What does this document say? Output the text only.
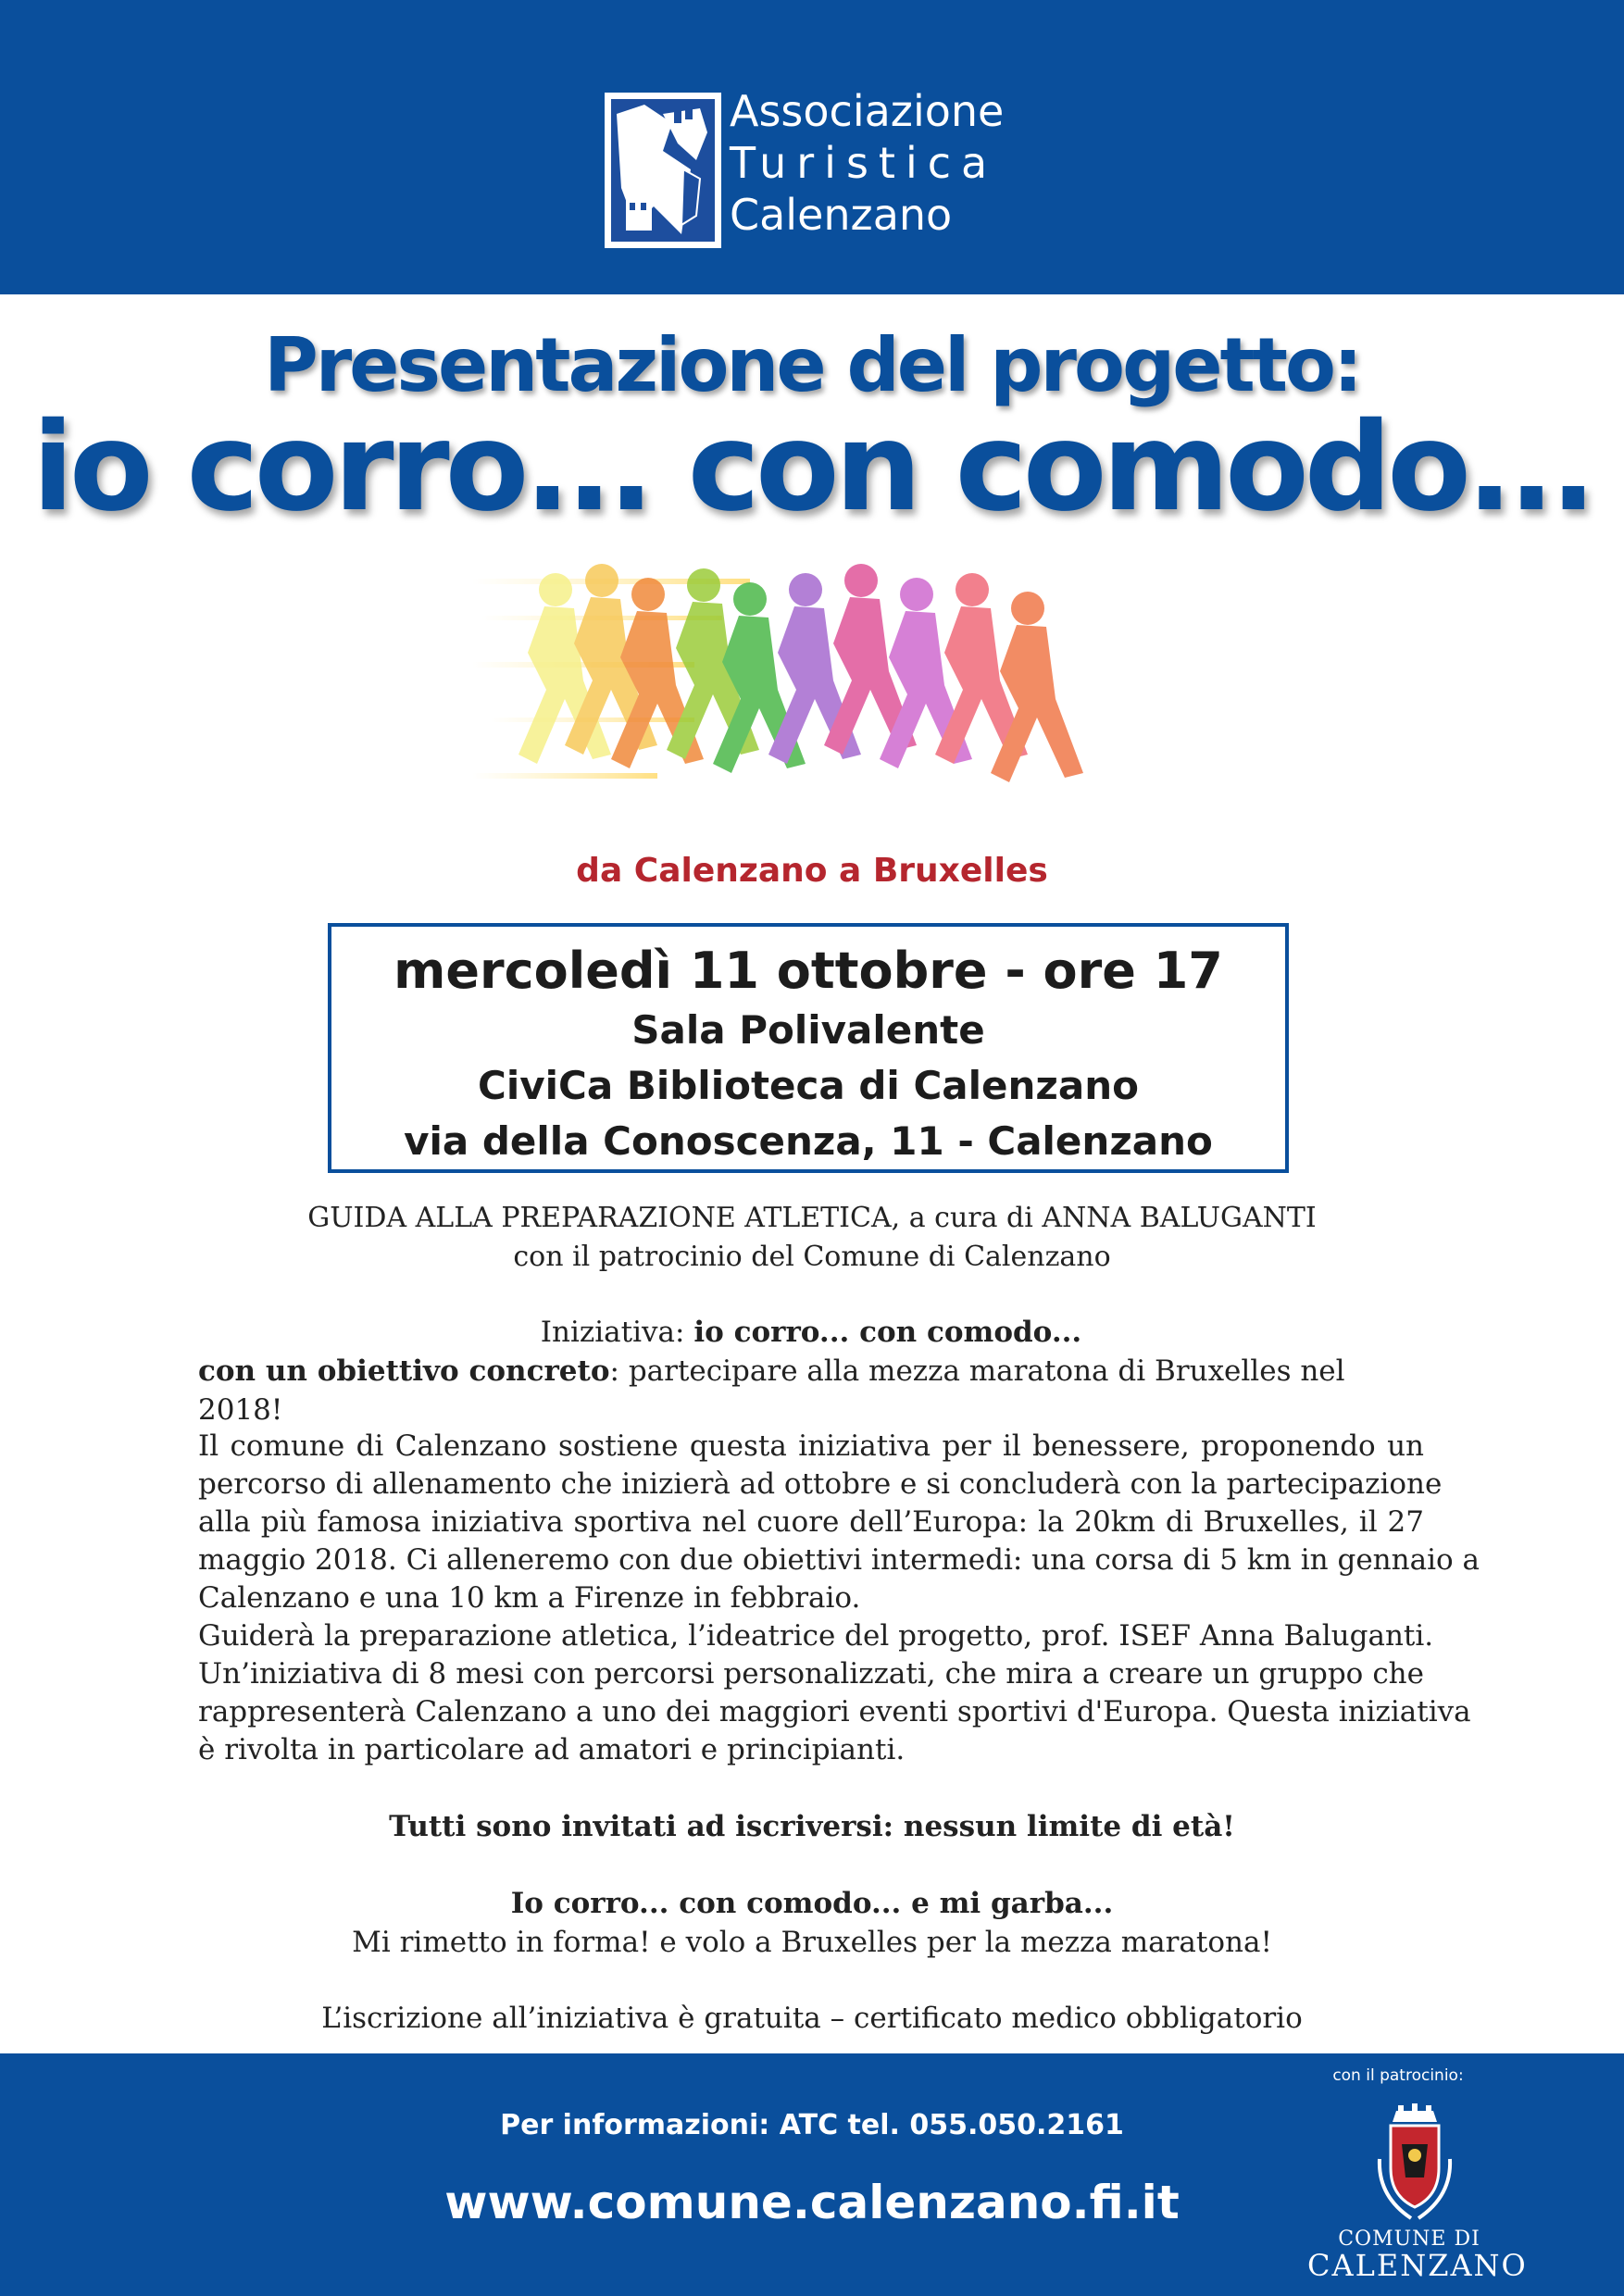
Associazione
Turistica
Calenzano
Presentazione del progetto:
io corro... con comodo...
da Calenzano a Bruxelles
mercoledì 11 ottobre - ore 17
Sala Polivalente
CiviCa Biblioteca di Calenzano
via della Conoscenza, 11 - Calenzano
GUIDA ALLA PREPARAZIONE ATLETICA, a cura di ANNA BALUGANTI
con il patrocinio del Comune di Calenzano
Iniziativa: io corro... con comodo...
con un obiettivo concreto: partecipare alla mezza maratona di Bruxelles nel 2018!
Il comune di Calenzano sostiene questa iniziativa per il benessere, proponendo un
percorso di allenamento che inizierà ad ottobre e si concluderà con la partecipazione
alla più famosa iniziativa sportiva nel cuore dell’Europa: la 20km di Bruxelles, il 27
maggio 2018. Ci alleneremo con due obiettivi intermedi: una corsa di 5 km in gennaio a
Calenzano e una 10 km a Firenze in febbraio.
Guiderà la preparazione atletica, l’ideatrice del progetto, prof. ISEF Anna Baluganti.
Un’iniziativa di 8 mesi con percorsi personalizzati, che mira a creare un gruppo che
rappresenterà Calenzano a uno dei maggiori eventi sportivi d'Europa. Questa iniziativa
è rivolta in particolare ad amatori e principianti.
Tutti sono invitati ad iscriversi: nessun limite di età!
Io corro... con comodo... e mi garba...
Mi rimetto in forma! e volo a Bruxelles per la mezza maratona!
L’iscrizione all’iniziativa è gratuita – certificato medico obbligatorio
Per informazioni: ATC tel. 055.050.2161
www.comune.calenzano.fi.it
con il patrocinio:
COMUNE DI
CALENZANO
